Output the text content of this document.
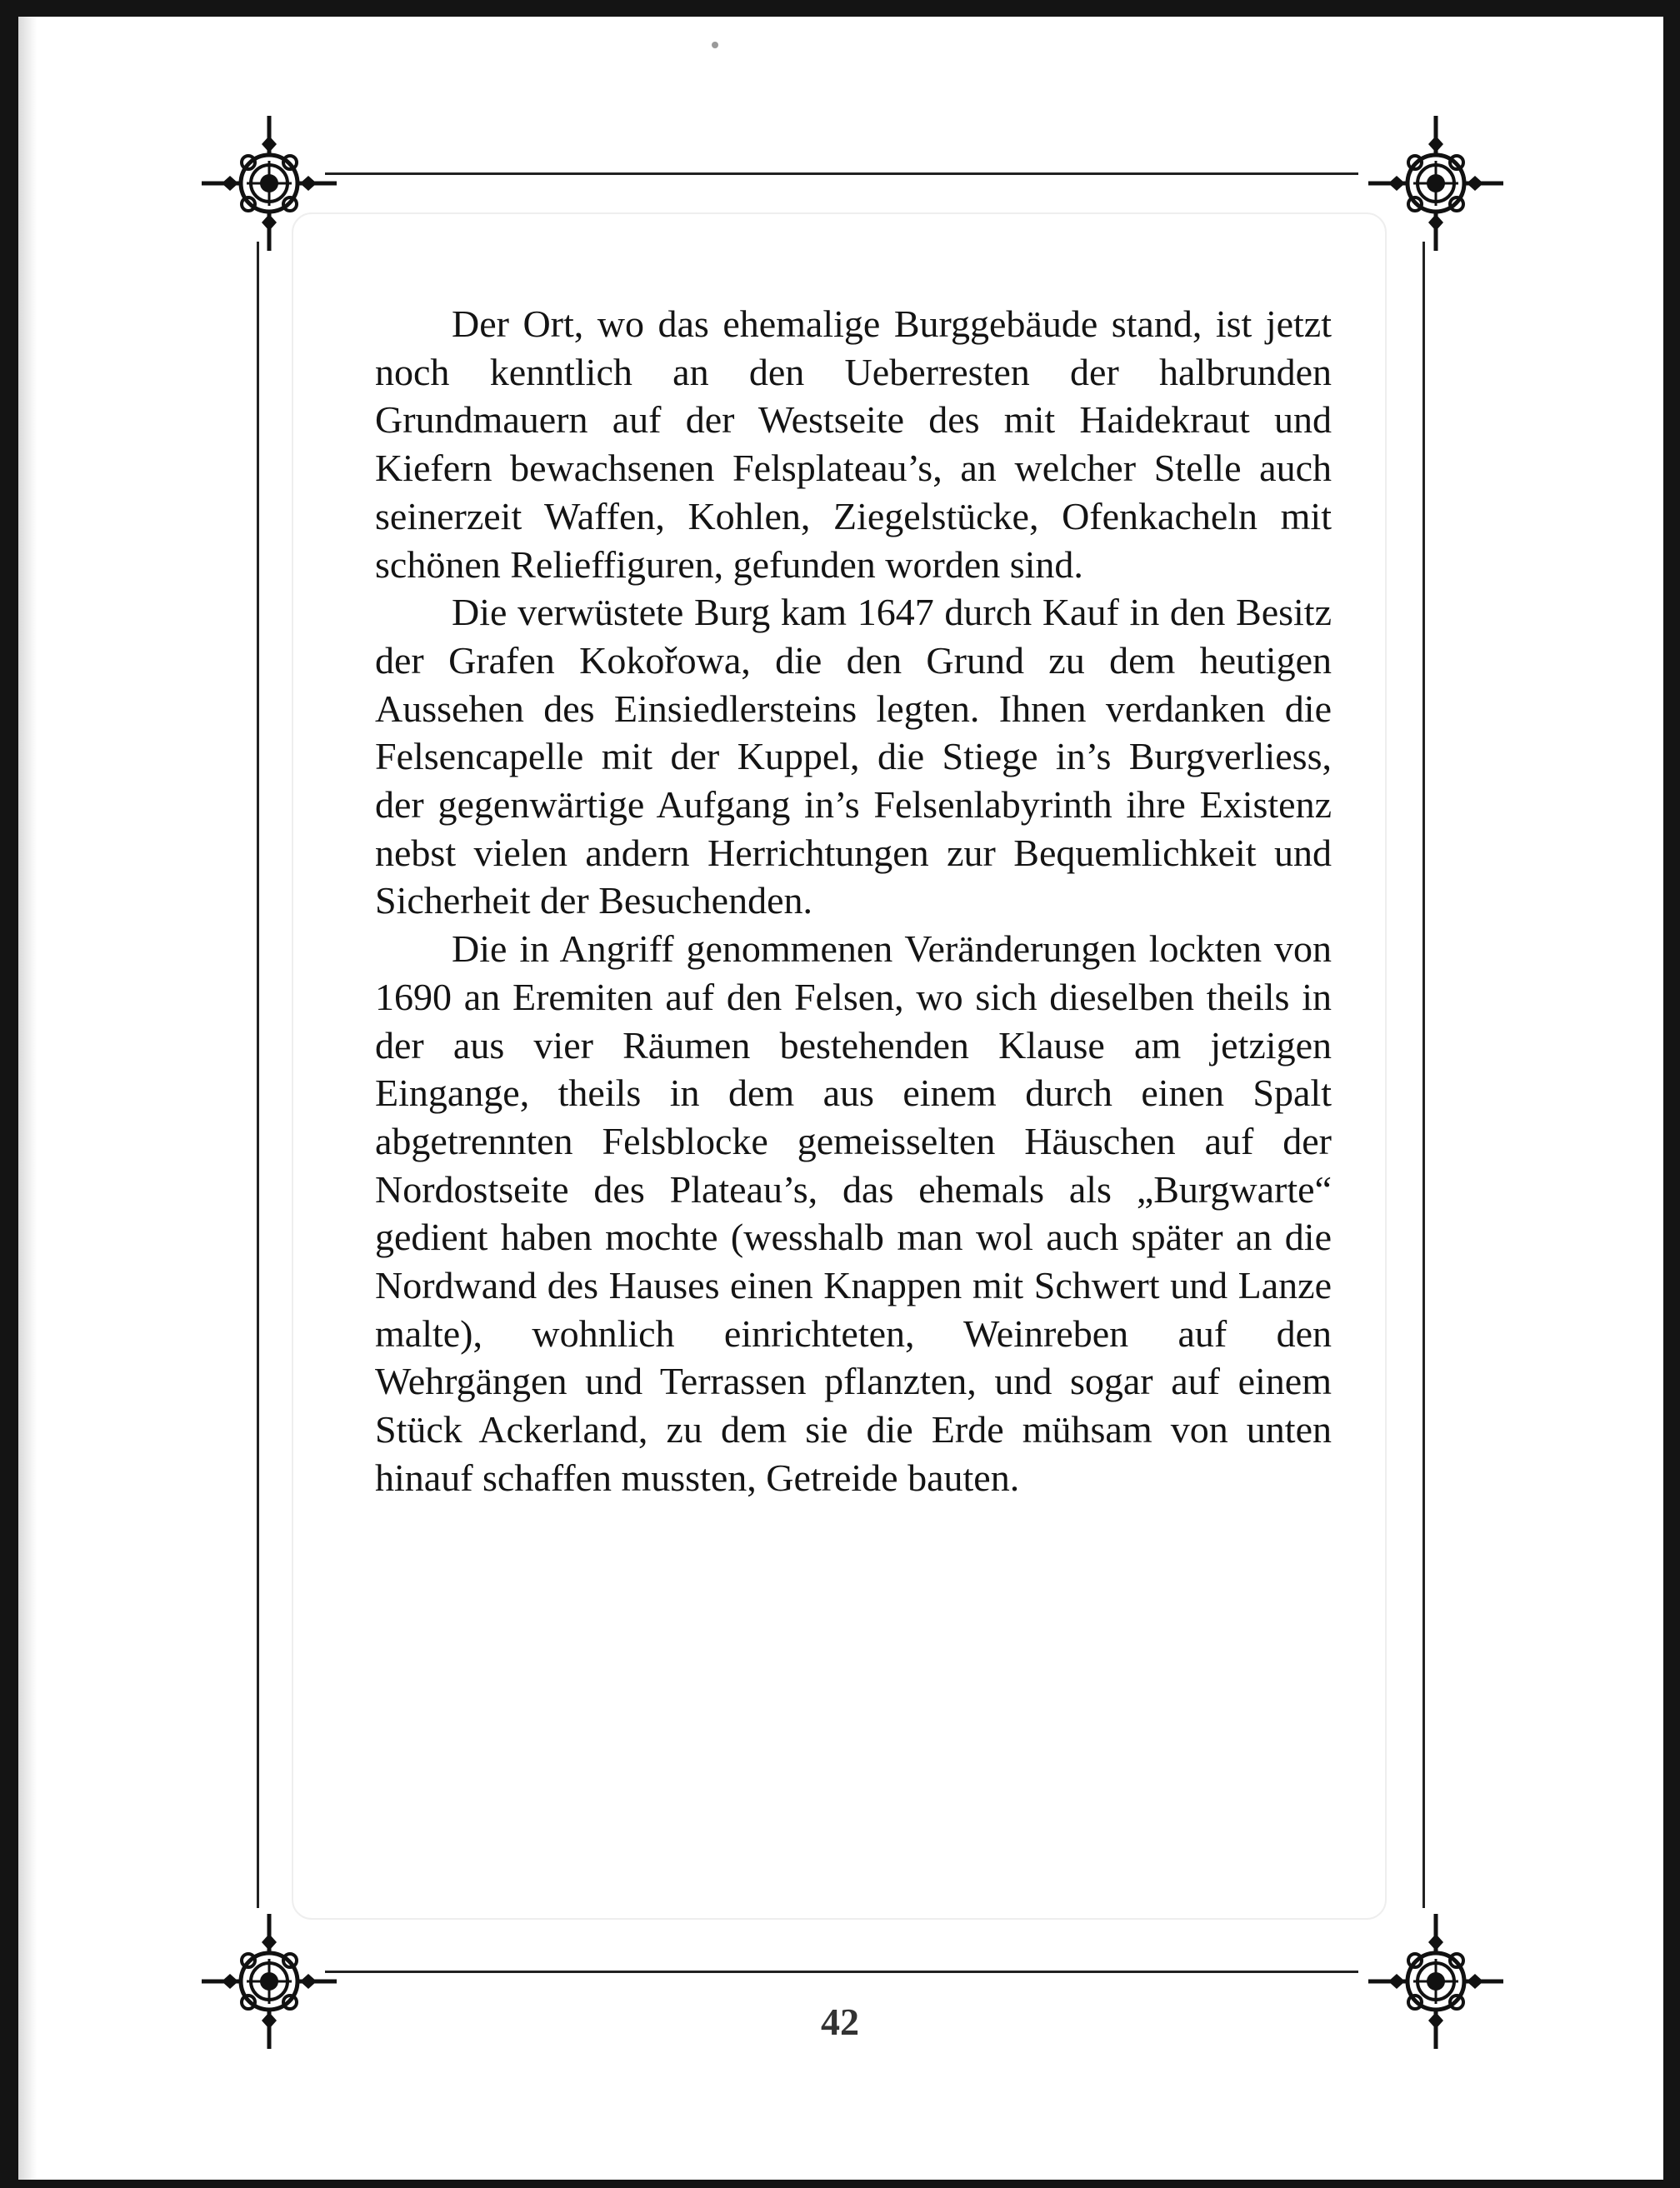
Der Ort, wo das ehemalige Burggebäude stand, ist jetzt noch kenntlich an den Ueberresten der halbrunden Grundmauern auf der Westseite des mit Haidekraut und Kiefern bewachsenen Felsplateau’s, an welcher Stelle auch seinerzeit Waffen, Kohlen, Ziegelstücke, Ofenkacheln mit schönen Relieffiguren, gefunden worden sind.

Die verwüstete Burg kam 1647 durch Kauf in den Besitz der Grafen Kokořowa, die den Grund zu dem heutigen Aussehen des Einsiedlersteins legten. Ihnen verdanken die Felsencapelle mit der Kuppel, die Stiege in’s Burgverliess, der gegenwärtige Aufgang in’s Felsenlabyrinth ihre Existenz nebst vielen andern Herrichtungen zur Bequemlichkeit und Sicherheit der Besuchenden.

Die in Angriff genommenen Veränderungen lockten von 1690 an Eremiten auf den Felsen, wo sich dieselben theils in der aus vier Räumen bestehenden Klause am jetzigen Eingange, theils in dem aus einem durch einen Spalt abgetrennten Felsblocke gemeisselten Häuschen auf der Nordostseite des Plateau’s, das ehemals als „Burgwarte“ gedient haben mochte (wesshalb man wol auch später an die Nordwand des Hauses einen Knappen mit Schwert und Lanze malte), wohnlich einrichteten, Weinreben auf den Wehrgängen und Terrassen pflanzten, und sogar auf einem Stück Ackerland, zu dem sie die Erde mühsam von unten hinauf schaffen mussten, Getreide bauten.

42
